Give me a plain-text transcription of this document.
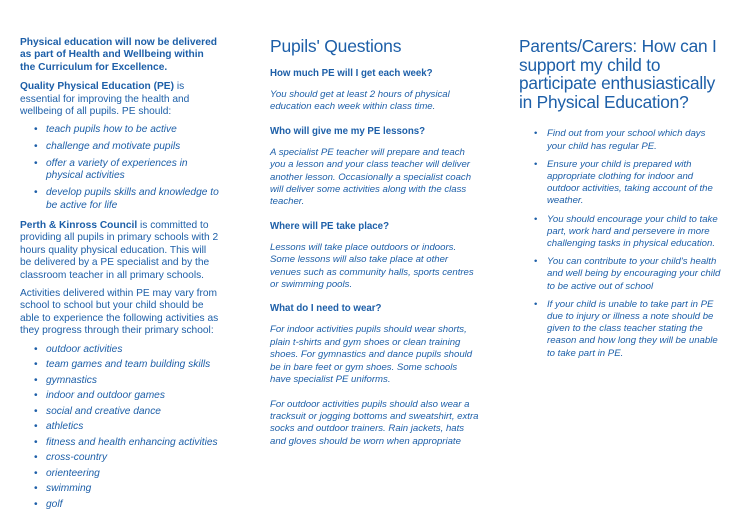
Physical education will now be delivered as part of Health and Wellbeing within the Curriculum for Excellence.

Quality Physical Education (PE) is essential for improving the health and wellbeing of all pupils. PE should:

• teach pupils how to be active
• challenge and motivate pupils
• offer a variety of experiences in physical activities
• develop pupils skills and knowledge to be active for life

Perth & Kinross Council is committed to providing all pupils in primary schools with 2 hours quality physical education. This will be delivered by a PE specialist and by the classroom teacher in all primary schools.

Activities delivered within PE may vary from school to school but your child should be able to experience the following activities as they progress through their primary school:

• outdoor activities
• team games and team building skills
• gymnastics
• indoor and outdoor games
• social and creative dance
• athletics
• fitness and health enhancing activities
• cross-country
• orienteering
• swimming
• golf
Pupils' Questions
How much PE will I get each week?

You should get at least 2 hours of physical education each week within class time.

Who will give me my PE lessons?

A specialist PE teacher will prepare and teach you a lesson and your class teacher will deliver another lesson. Occasionally a specialist coach will deliver some activities along with the class teacher.

Where will PE take place?

Lessons will take place outdoors or indoors. Some lessons will also take place at other venues such as community halls, sports centres or swimming pools.

What do I need to wear?

For indoor activities pupils should wear shorts, plain t-shirts and gym shoes or clean training shoes. For gymnastics and dance pupils should be in bare feet or gym shoes. Some schools have specialist PE uniforms.

For outdoor activities pupils should also wear a tracksuit or jogging bottoms and sweatshirt, extra socks and outdoor trainers. Rain jackets, hats and gloves should be worn when appropriate

Parents/Carers: How can I support my child to participate enthusiastically in Physical Education?
• Find out from your school which days your child has regular PE.
• Ensure your child is prepared with appropriate clothing for indoor and outdoor activities, taking account of the weather.
• You should encourage your child to take part, work hard and persevere in more challenging tasks in physical education.
• You can contribute to your child's health and well being by encouraging your child to be active out of school
• If your child is unable to take part in PE due to injury or illness a note should be given to the class teacher stating the reason and how long they will be unable to take part in PE.
